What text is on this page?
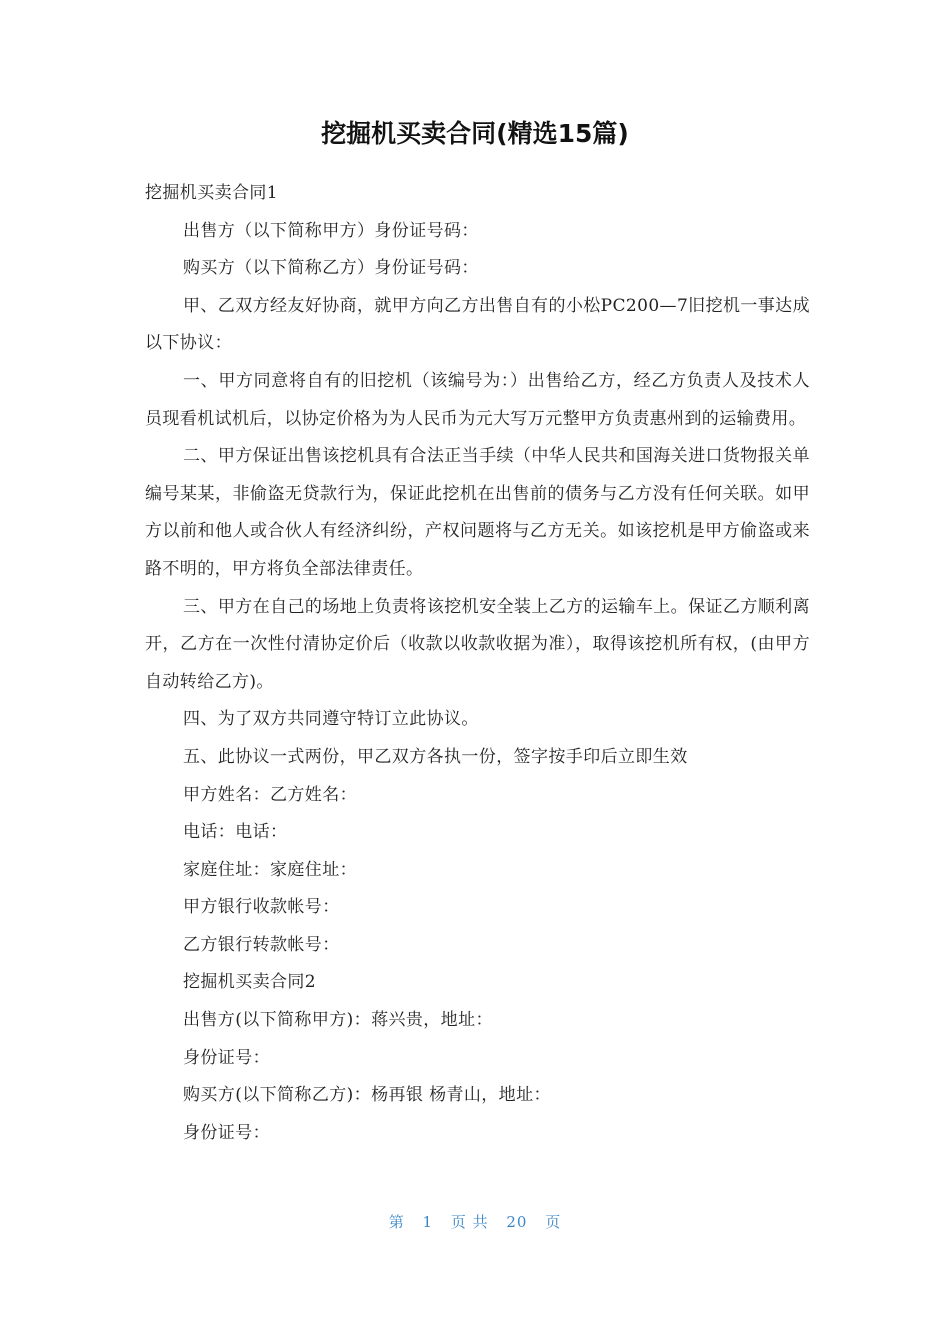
挖掘机买卖合同(精选15篇)

挖掘机买卖合同1

出售方（以下简称甲方）身份证号码：

购买方（以下简称乙方）身份证号码：

甲、乙双方经友好协商，就甲方向乙方出售自有的小松PC200—7旧挖机一事达成以下协议：

一、甲方同意将自有的旧挖机（该编号为：）出售给乙方，经乙方负责人及技术人员现看机试机后，以协定价格为为人民币为元大写万元整甲方负责惠州到的运输费用。

二、甲方保证出售该挖机具有合法正当手续（中华人民共和国海关进口货物报关单编号某某，非偷盗无贷款行为，保证此挖机在出售前的债务与乙方没有任何关联。如甲方以前和他人或合伙人有经济纠纷，产权问题将与乙方无关。如该挖机是甲方偷盗或来路不明的，甲方将负全部法律责任。

三、甲方在自己的场地上负责将该挖机安全装上乙方的运输车上。保证乙方顺利离开，乙方在一次性付清协定价后（收款以收款收据为准），取得该挖机所有权，(由甲方自动转给乙方)。

四、为了双方共同遵守特订立此协议。

五、此协议一式两份，甲乙双方各执一份，签字按手印后立即生效

甲方姓名：乙方姓名：

电话：电话：

家庭住址：家庭住址：

甲方银行收款帐号：

乙方银行转款帐号：

挖掘机买卖合同2

出售方(以下简称甲方)：蒋兴贵，地址：

身份证号：

购买方(以下简称乙方)：杨再银 杨青山，地址：

身份证号：

第 1 页 共 20 页
